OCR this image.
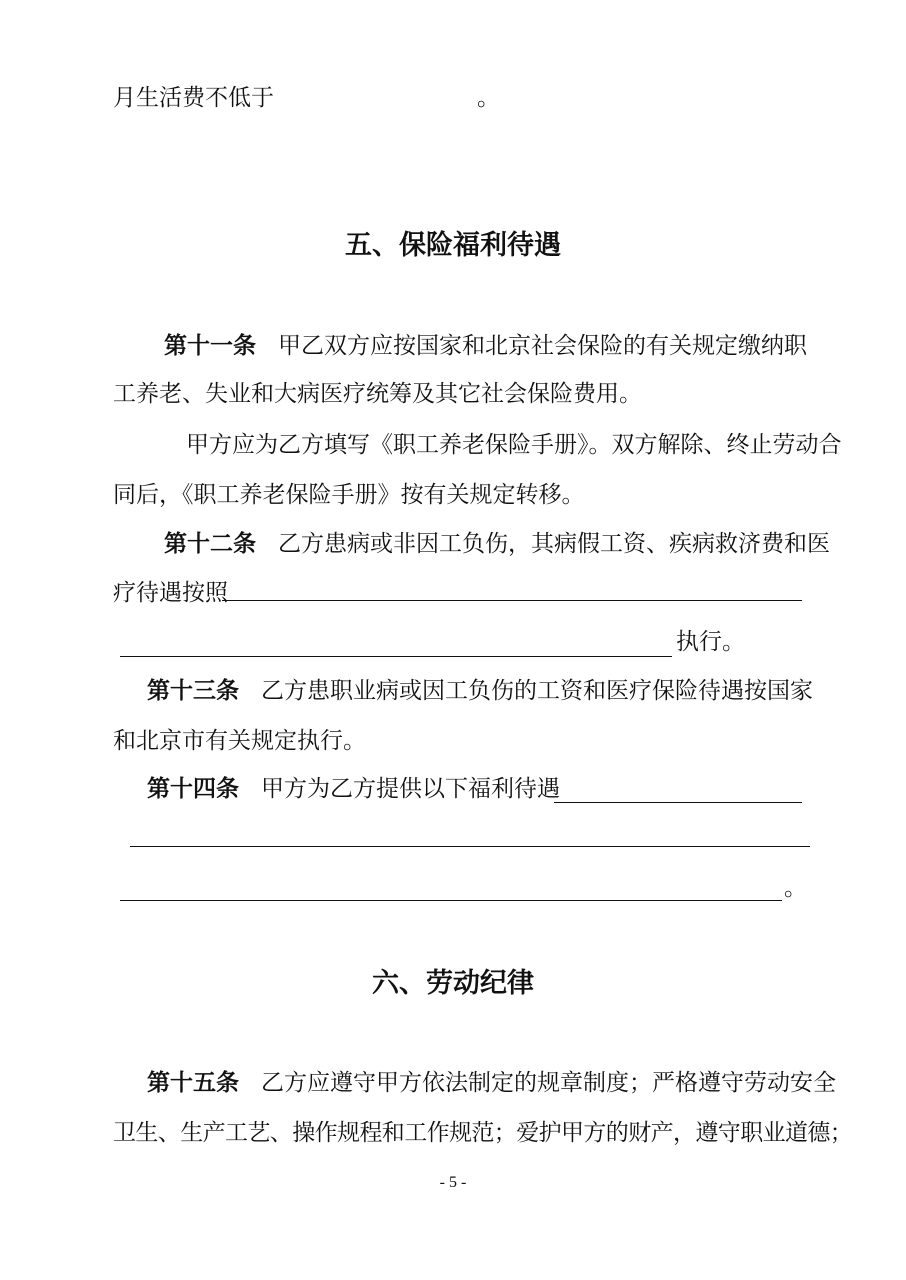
月生活费不低于	。
五、保险福利待遇
第十一条 甲乙双方应按国家和北京社会保险的有关规定缴纳职
工养老、失业和大病医疗统筹及其它社会保险费用。
甲方应为乙方填写《职工养老保险手册》。双方解除、终止劳动合
同后，《职工养老保险手册》按有关规定转移。
第十二条 乙方患病或非因工负伤，其病假工资、疾病救济费和医
疗待遇按照
执行。
第十三条 乙方患职业病或因工负伤的工资和医疗保险待遇按国家
和北京市有关规定执行。
第十四条 甲方为乙方提供以下福利待遇
。
六、劳动纪律
第十五条 乙方应遵守甲方依法制定的规章制度；严格遵守劳动安全
卫生、生产工艺、操作规程和工作规范；爱护甲方的财产，遵守职业道德；
- 5 -
